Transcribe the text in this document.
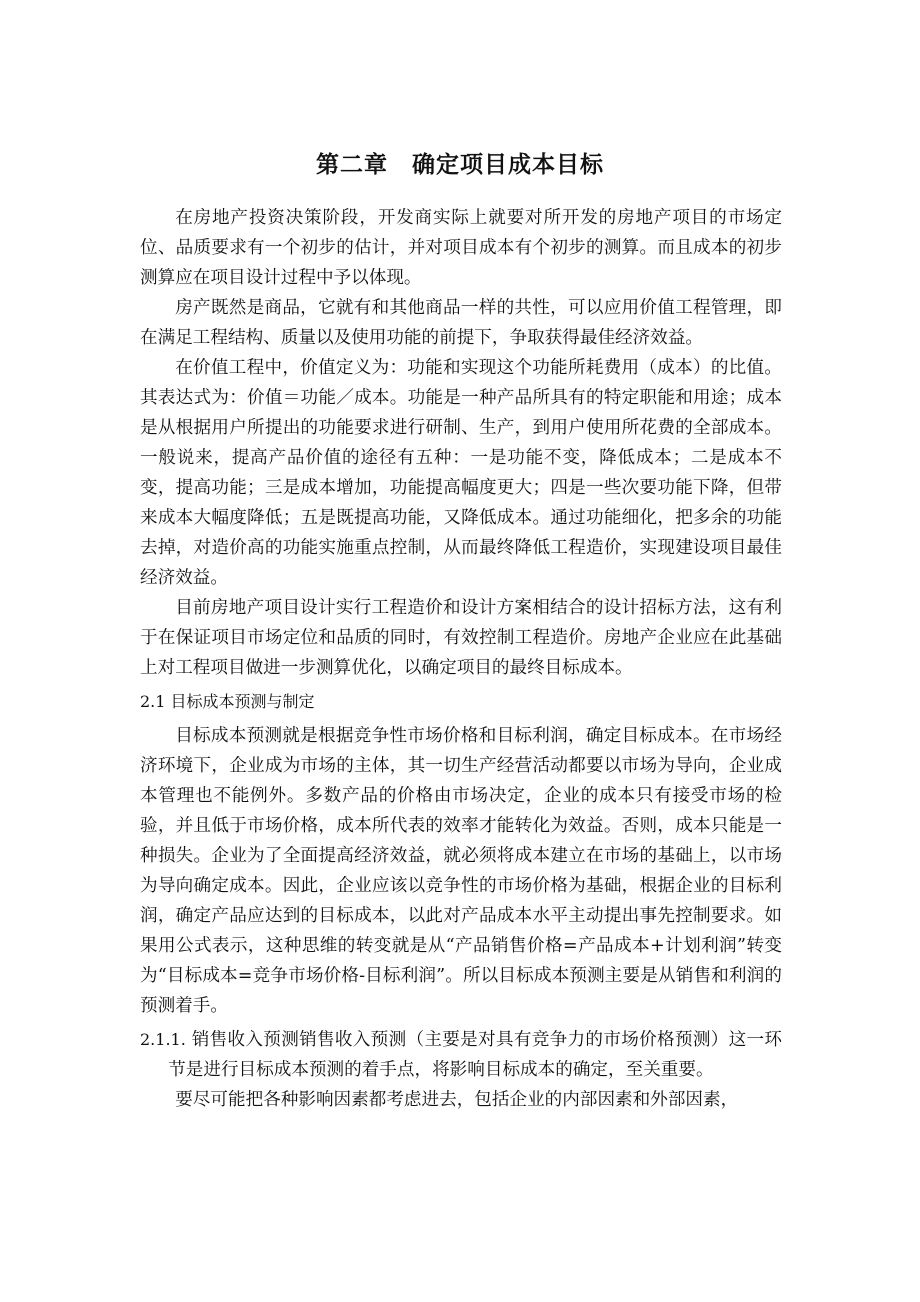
第二章　确定项目成本目标

在房地产投资决策阶段，开发商实际上就要对所开发的房地产项目的市场定位、品质要求有一个初步的估计，并对项目成本有个初步的测算。而且成本的初步测算应在项目设计过程中予以体现。

房产既然是商品，它就有和其他商品一样的共性，可以应用价值工程管理，即在满足工程结构、质量以及使用功能的前提下，争取获得最佳经济效益。

在价值工程中，价值定义为：功能和实现这个功能所耗费用（成本）的比值。其表达式为：价值＝功能／成本。功能是一种产品所具有的特定职能和用途；成本是从根据用户所提出的功能要求进行研制、生产，到用户使用所花费的全部成本。一般说来，提高产品价值的途径有五种：一是功能不变，降低成本；二是成本不变，提高功能；三是成本增加，功能提高幅度更大；四是一些次要功能下降，但带来成本大幅度降低；五是既提高功能，又降低成本。通过功能细化，把多余的功能去掉，对造价高的功能实施重点控制，从而最终降低工程造价，实现建设项目最佳经济效益。

目前房地产项目设计实行工程造价和设计方案相结合的设计招标方法，这有利于在保证项目市场定位和品质的同时，有效控制工程造价。房地产企业应在此基础上对工程项目做进一步测算优化，以确定项目的最终目标成本。

2.1 目标成本预测与制定

目标成本预测就是根据竞争性市场价格和目标利润，确定目标成本。在市场经济环境下，企业成为市场的主体，其一切生产经营活动都要以市场为导向，企业成本管理也不能例外。多数产品的价格由市场决定，企业的成本只有接受市场的检验，并且低于市场价格，成本所代表的效率才能转化为效益。否则，成本只能是一种损失。企业为了全面提高经济效益，就必须将成本建立在市场的基础上，以市场为导向确定成本。因此，企业应该以竞争性的市场价格为基础，根据企业的目标利润，确定产品应达到的目标成本，以此对产品成本水平主动提出事先控制要求。如果用公式表示，这种思维的转变就是从“产品销售价格=产品成本+计划利润”转变为“目标成本=竞争市场价格-目标利润”。所以目标成本预测主要是从销售和利润的预测着手。

2.1.1. 销售收入预测销售收入预测（主要是对具有竞争力的市场价格预测）这一环节是进行目标成本预测的着手点，将影响目标成本的确定，至关重要。

要尽可能把各种影响因素都考虑进去，包括企业的内部因素和外部因素，
